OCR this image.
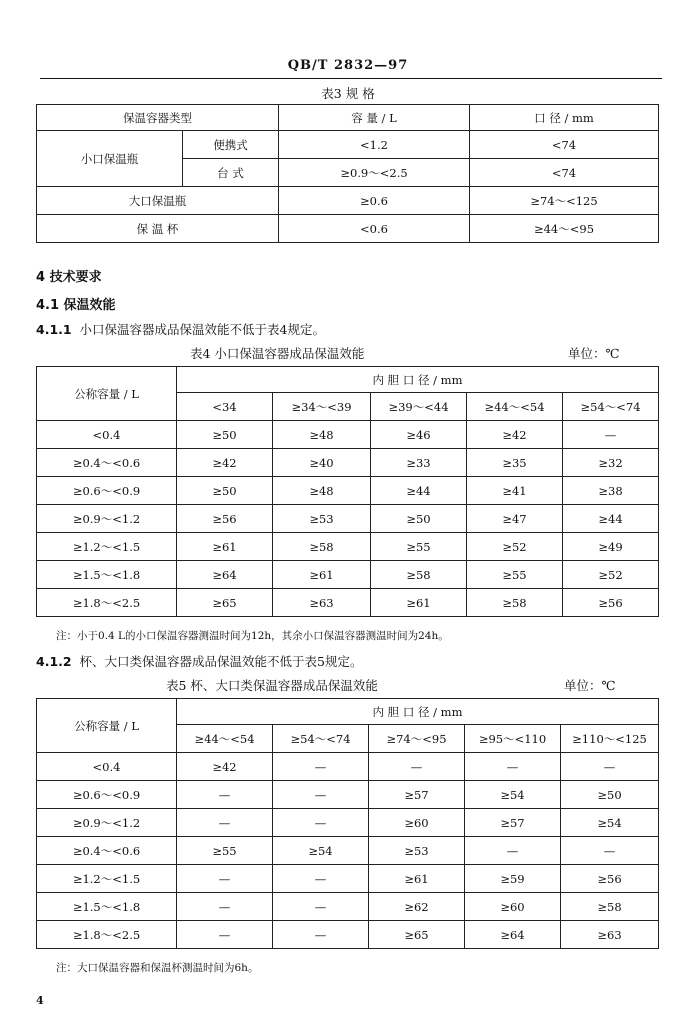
QB/T 2832—97
表3 规 格
保温容器类型		容 量 / L	口 径 / mm
小口保温瓶	便携式	<1.2	<74
	台 式	≥0.9～<2.5	<74
大口保温瓶		≥0.6	≥74～<125
保 温 杯		<0.6	≥44～<95
4 技术要求
4.1 保温效能
4.1.1 小口保温容器成品保温效能不低于表4规定。
表4 小口保温容器成品保温效能	单位：℃
公称容量 / L	内 胆 口 径 / mm				
	<34	≥34～<39	≥39～<44	≥44～<54	≥54～<74
<0.4	≥50	≥48	≥46	≥42	—
≥0.4～<0.6	≥42	≥40	≥33	≥35	≥32
≥0.6～<0.9	≥50	≥48	≥44	≥41	≥38
≥0.9～<1.2	≥56	≥53	≥50	≥47	≥44
≥1.2～<1.5	≥61	≥58	≥55	≥52	≥49
≥1.5～<1.8	≥64	≥61	≥58	≥55	≥52
≥1.8～<2.5	≥65	≥63	≥61	≥58	≥56
注：小于0.4 L的小口保温容器测温时间为12h，其余小口保温容器测温时间为24h。
4.1.2 杯、大口类保温容器成品保温效能不低于表5规定。
表5 杯、大口类保温容器成品保温效能	单位：℃
公称容量 / L	内 胆 口 径 / mm				
	≥44～<54	≥54～<74	≥74～<95	≥95～<110	≥110～<125
<0.4	≥42	—	—	—	—
≥0.6～<0.9	—	—	≥57	≥54	≥50
≥0.9～<1.2	—	—	≥60	≥57	≥54
≥0.4～<0.6	≥55	≥54	≥53	—	—
≥1.2～<1.5	—	—	≥61	≥59	≥56
≥1.5～<1.8	—	—	≥62	≥60	≥58
≥1.8～<2.5	—	—	≥65	≥64	≥63
注：大口保温容器和保温杯测温时间为6h。
4
